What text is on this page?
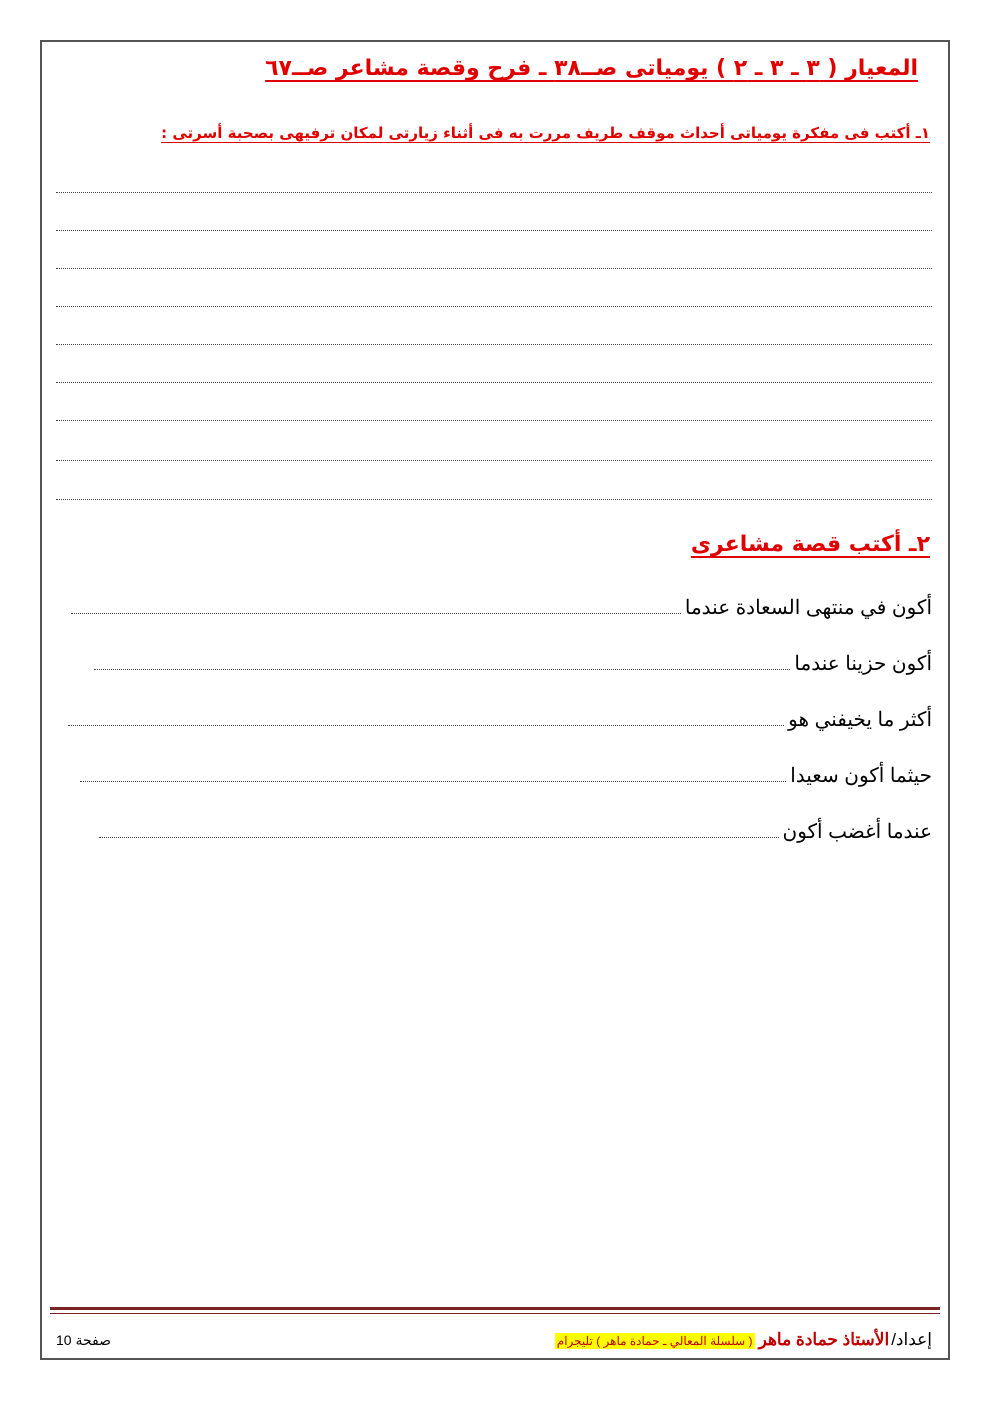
المعيار ( ٣ ـ ٣ ـ ٢ ) يومياتى صــ٣٨ ـ فرح وقصة مشاعر صــ٦٧
١ـ أكتب فى مفكرة يومياتى أحداث موقف طريف مررت به فى أثناء زيارتى لمكان ترفيهى بصحبة أسرتى :
٢ـ أكتب قصة مشاعرى
أكون في منتهى السعادة عندما
أكون حزينا عندما
أكثر ما يخيفني هو
حيثما أكون سعيدا
عندما أغضب أكون
إعداد/
الأستاذ حمادة ماهر
( سلسلة المعالي ـ حمادة ماهر ) تليجرام
صفحة 10
